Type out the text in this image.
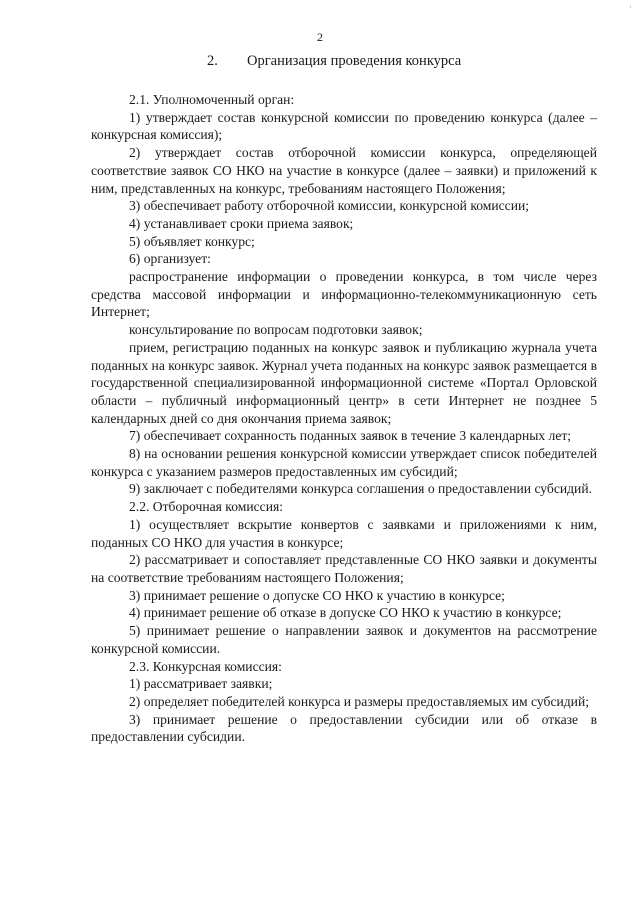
·
2
2. Организация проведения конкурса

2.1. Уполномоченный орган:

1) утверждает состав конкурсной комиссии по проведению конкурса (далее – конкурсная комиссия);

2) утверждает состав отборочной комиссии конкурса, определяющей соответствие заявок СО НКО на участие в конкурсе (далее – заявки) и приложений к ним, представленных на конкурс, требованиям настоящего Положения;

3) обеспечивает работу отборочной комиссии, конкурсной комиссии;

4) устанавливает сроки приема заявок;

5) объявляет конкурс;

6) организует:

распространение информации о проведении конкурса, в том числе через средства массовой информации и информационно-телекоммуникационную сеть Интернет;

консультирование по вопросам подготовки заявок;

прием, регистрацию поданных на конкурс заявок и публикацию журнала учета поданных на конкурс заявок. Журнал учета поданных на конкурс заявок размещается в государственной специализированной информационной системе «Портал Орловской области – публичный информационный центр» в сети Интернет не позднее 5 календарных дней со дня окончания приема заявок;

7) обеспечивает сохранность поданных заявок в течение 3 календарных лет;

8) на основании решения конкурсной комиссии утверждает список победителей конкурса с указанием размеров предоставленных им субсидий;

9) заключает с победителями конкурса соглашения о предоставлении субсидий.

2.2. Отборочная комиссия:

1) осуществляет вскрытие конвертов с заявками и приложениями к ним, поданных СО НКО для участия в конкурсе;

2) рассматривает и сопоставляет представленные СО НКО заявки и документы на соответствие требованиям настоящего Положения;

3) принимает решение о допуске СО НКО к участию в конкурсе;

4) принимает решение об отказе в допуске СО НКО к участию в конкурсе;

5) принимает решение о направлении заявок и документов на рассмотрение конкурсной комиссии.

2.3. Конкурсная комиссия:

1) рассматривает заявки;

2) определяет победителей конкурса и размеры предоставляемых им субсидий;

3) принимает решение о предоставлении субсидии или об отказе в предоставлении субсидии.
